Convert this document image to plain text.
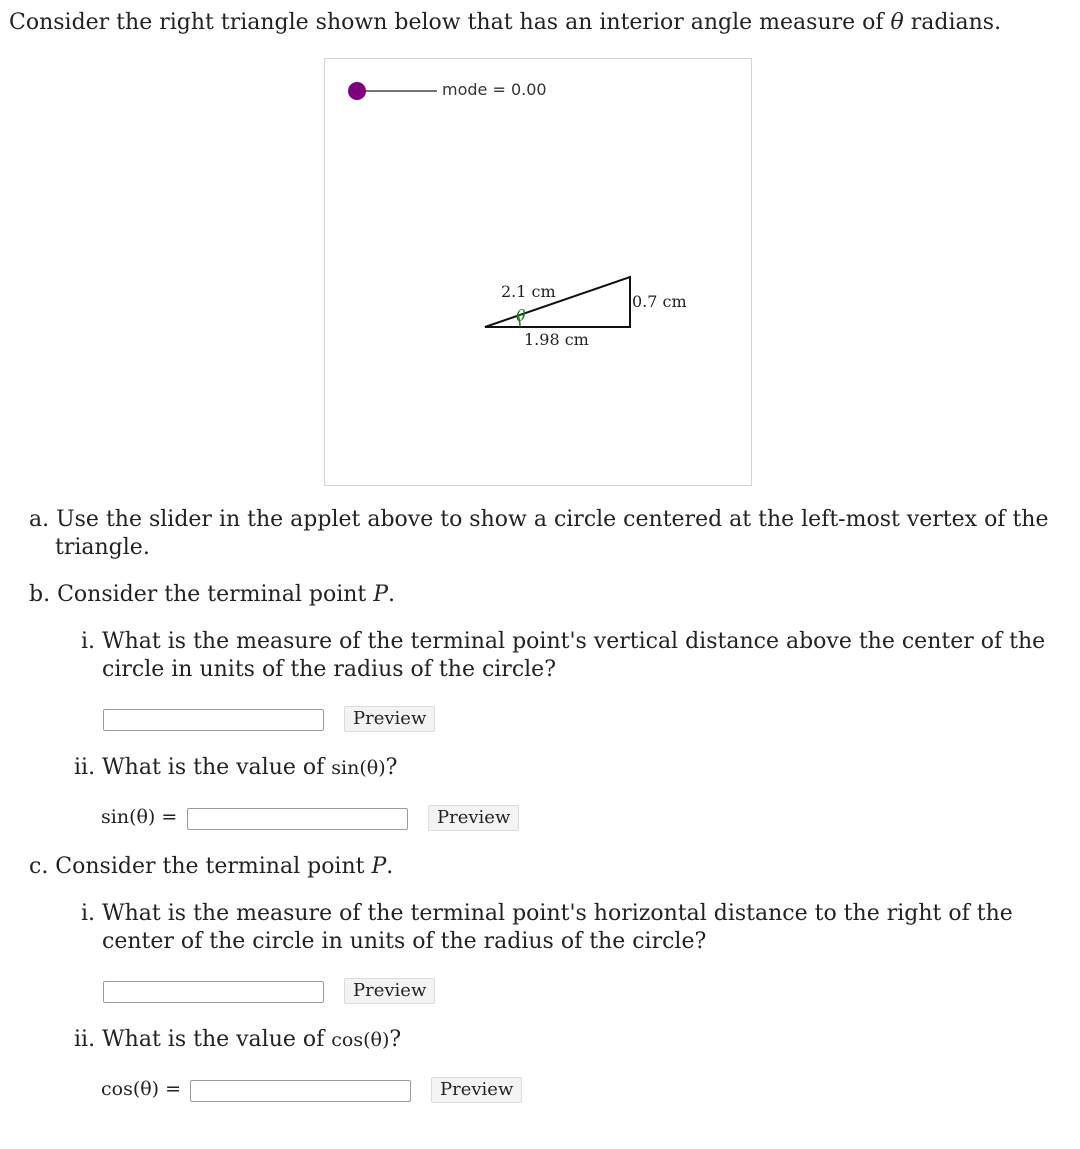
Consider the right triangle shown below that has an interior angle measure of θ radians.
mode = 0.00
θ
2.1 cm
0.7 cm
1.98 cm
a. Use the slider in the applet above to show a circle centered at the left-most vertex of the
triangle.
b. Consider the terminal point P.
i. What is the measure of the terminal point's vertical distance above the center of the
circle in units of the radius of the circle?
Preview
ii. What is the value of sin(θ)?
sin(θ) =	Preview
c. Consider the terminal point P.
i. What is the measure of the terminal point's horizontal distance to the right of the
center of the circle in units of the radius of the circle?
Preview
ii. What is the value of cos(θ)?
cos(θ) =	Preview
